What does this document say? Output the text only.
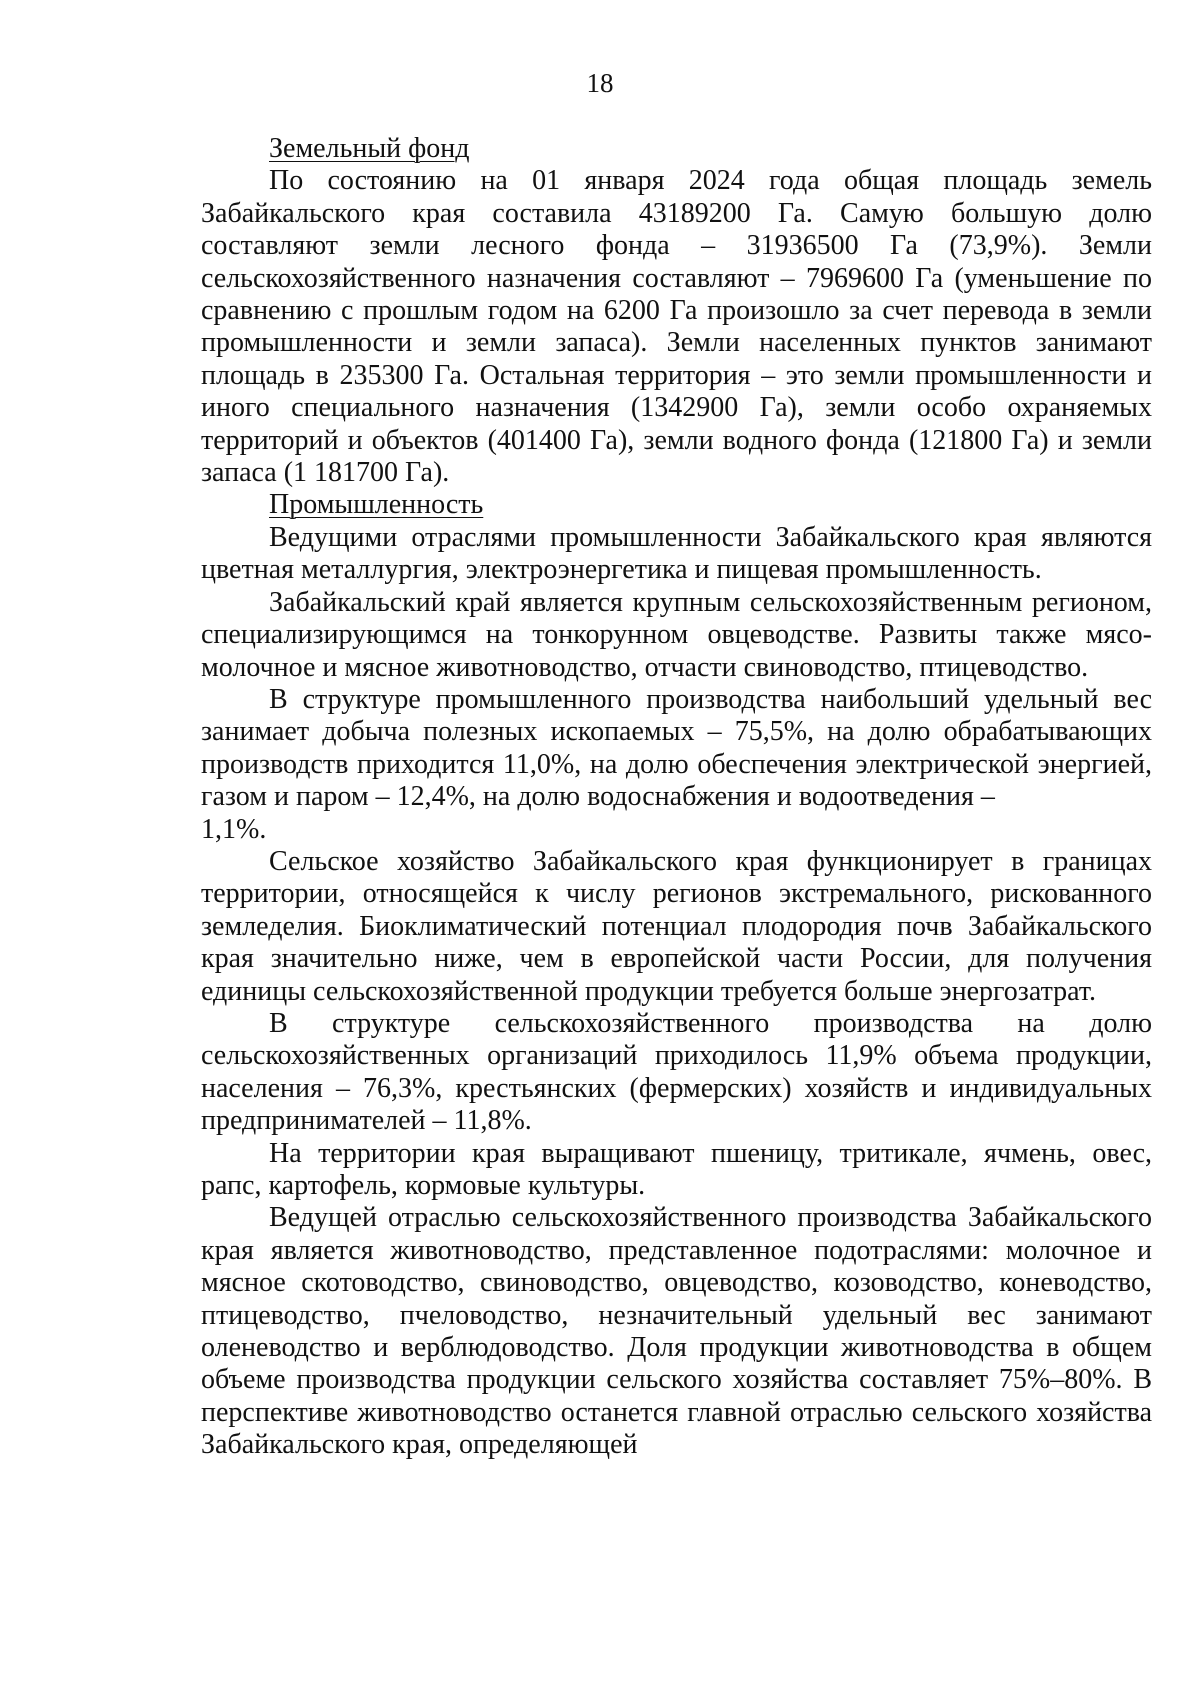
18

Земельный фонд

По состоянию на 01 января 2024 года общая площадь земель Забайкальского края составила 43189200 Га. Самую большую долю составляют земли лесного фонда – 31936500 Га (73,9%). Земли сельскохозяйственного назначения составляют – 7969600 Га (уменьшение по сравнению с прошлым годом на 6200 Га произошло за счет перевода в земли промышленности и земли запаса). Земли населенных пунктов занимают площадь в 235300 Га. Остальная территория – это земли промышленности и иного специального назначения (1342900 Га), земли особо охраняемых территорий и объектов (401400 Га), земли водного фонда (121800 Га) и земли запаса (1 181700 Га).

Промышленность

Ведущими отраслями промышленности Забайкальского края являются цветная металлургия, электроэнергетика и пищевая промышленность.

Забайкальский край является крупным сельскохозяйственным регионом, специализирующимся на тонкорунном овцеводстве. Развиты также мясо-молочное и мясное животноводство, отчасти свиноводство, птицеводство.

В структуре промышленного производства наибольший удельный вес занимает добыча полезных ископаемых – 75,5%, на долю обрабатывающих производств приходится 11,0%, на долю обеспечения электрической энергией, газом и паром – 12,4%, на долю водоснабжения и водоотведения –
1,1%.

Сельское хозяйство Забайкальского края функционирует в границах территории, относящейся к числу регионов экстремального, рискованного земледелия. Биоклиматический потенциал плодородия почв Забайкальского края значительно ниже, чем в европейской части России, для получения единицы сельскохозяйственной продукции требуется больше энергозатрат.

В структуре сельскохозяйственного производства на долю сельскохозяйственных организаций приходилось 11,9% объема продукции, населения – 76,3%, крестьянских (фермерских) хозяйств и индивидуальных предпринимателей – 11,8%.

На территории края выращивают пшеницу, тритикале, ячмень, овес, рапс, картофель, кормовые культуры.

Ведущей отраслью сельскохозяйственного производства Забайкальского края является животноводство, представленное подотраслями: молочное и мясное скотоводство, свиноводство, овцеводство, козоводство, коневодство, птицеводство, пчеловодство, незначительный удельный вес занимают оленеводство и верблюдоводство. Доля продукции животноводства в общем объеме производства продукции сельского хозяйства составляет 75%–80%. В перспективе животноводство останется главной отраслью сельского хозяйства Забайкальского края, определяющей
